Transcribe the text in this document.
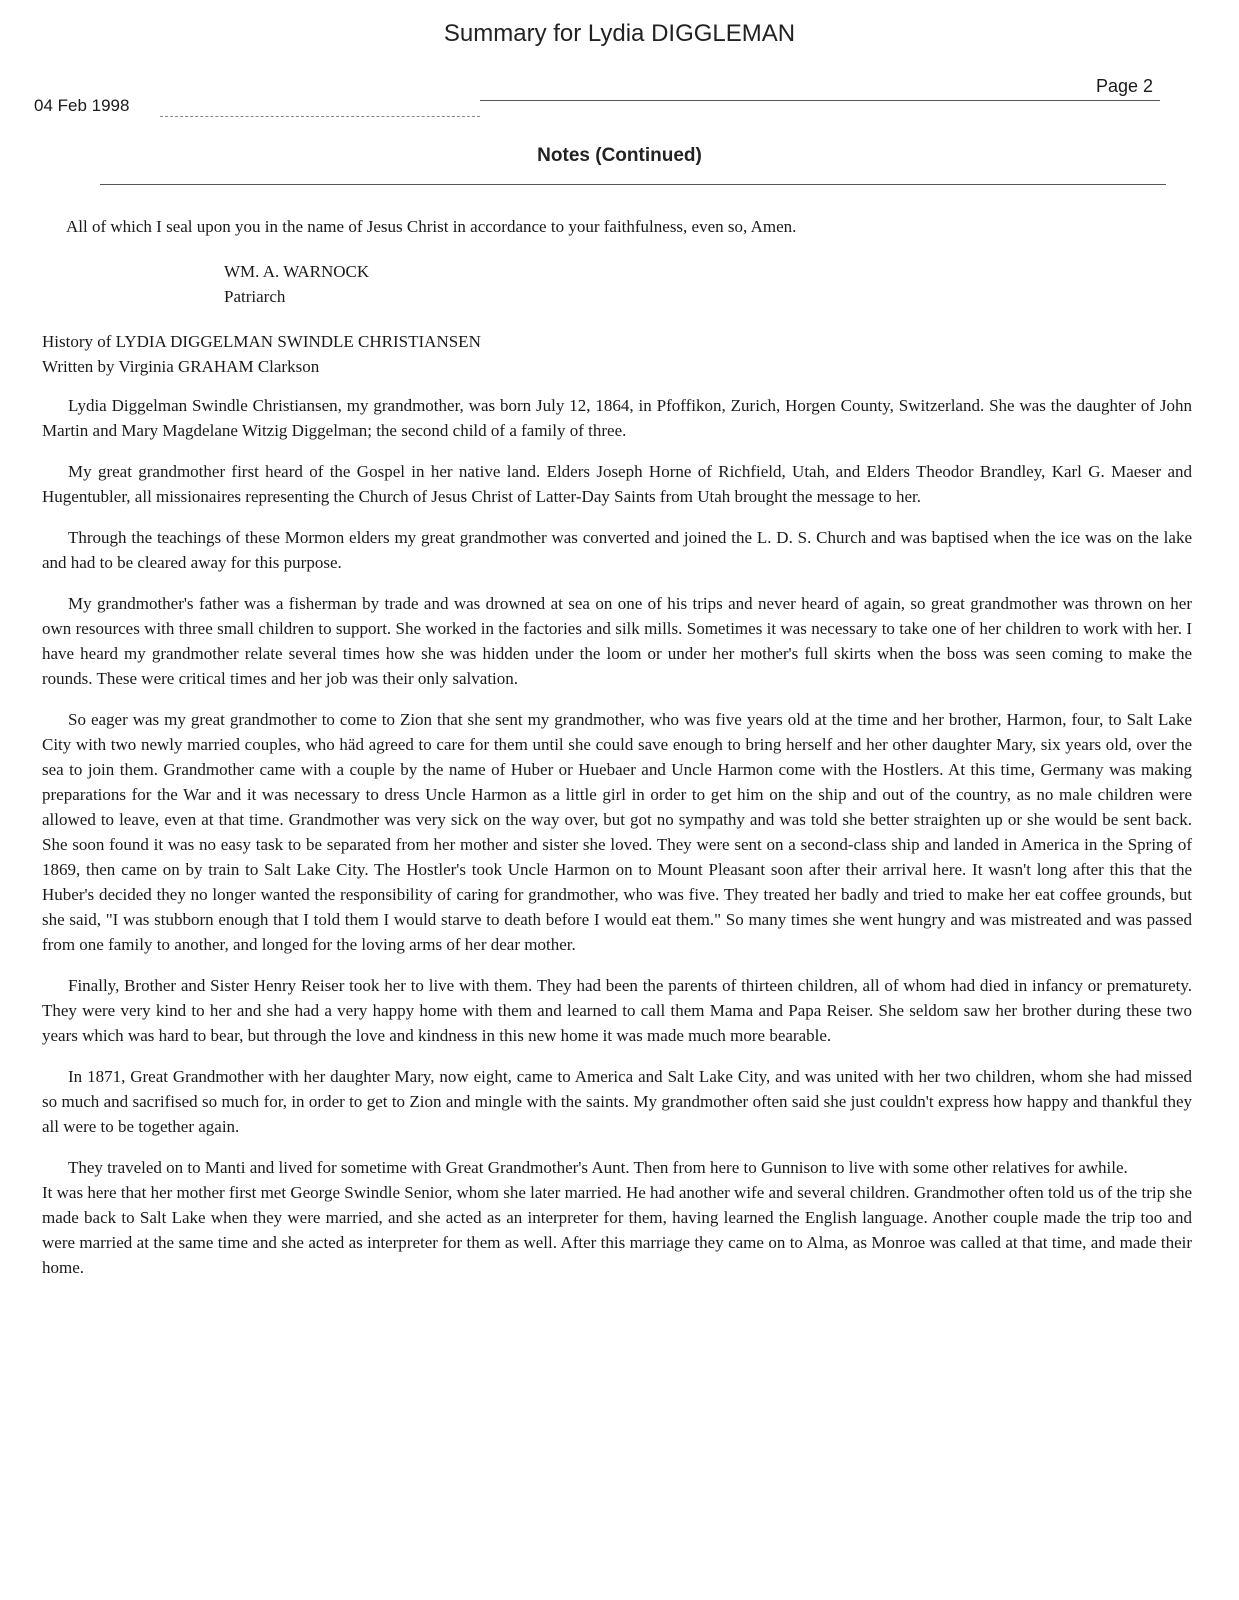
Summary for Lydia DIGGLEMAN
04 Feb 1998
Page 2
Notes (Continued)

All of which I seal upon you in the name of Jesus Christ in accordance to your faithfulness, even so, Amen.

WM. A. WARNOCK

Patriarch

History of LYDIA DIGGELMAN SWINDLE CHRISTIANSEN

Written by Virginia GRAHAM Clarkson

Lydia Diggelman Swindle Christiansen, my grandmother, was born July 12, 1864, in Pfoffikon, Zurich, Horgen County, Switzerland. She was the daughter of John Martin and Mary Magdelane Witzig Diggelman; the second child of a family of three.

My great grandmother first heard of the Gospel in her native land. Elders Joseph Horne of Richfield, Utah, and Elders Theodor Brandley, Karl G. Maeser and Hugentubler, all missionaires representing the Church of Jesus Christ of Latter-Day Saints from Utah brought the message to her.

Through the teachings of these Mormon elders my great grandmother was converted and joined the L. D. S. Church and was baptised when the ice was on the lake and had to be cleared away for this purpose.

My grandmother's father was a fisherman by trade and was drowned at sea on one of his trips and never heard of again, so great grandmother was thrown on her own resources with three small children to support. She worked in the factories and silk mills. Sometimes it was necessary to take one of her children to work with her. I have heard my grandmother relate several times how she was hidden under the loom or under her mother's full skirts when the boss was seen coming to make the rounds. These were critical times and her job was their only salvation.

So eager was my great grandmother to come to Zion that she sent my grandmother, who was five years old at the time and her brother, Harmon, four, to Salt Lake City with two newly married couples, who häd agreed to care for them until she could save enough to bring herself and her other daughter Mary, six years old, over the sea to join them. Grandmother came with a couple by the name of Huber or Huebaer and Uncle Harmon come with the Hostlers. At this time, Germany was making preparations for the War and it was necessary to dress Uncle Harmon as a little girl in order to get him on the ship and out of the country, as no male children were allowed to leave, even at that time. Grandmother was very sick on the way over, but got no sympathy and was told she better straighten up or she would be sent back. She soon found it was no easy task to be separated from her mother and sister she loved. They were sent on a second-class ship and landed in America in the Spring of 1869, then came on by train to Salt Lake City. The Hostler's took Uncle Harmon on to Mount Pleasant soon after their arrival here. It wasn't long after this that the Huber's decided they no longer wanted the responsibility of caring for grandmother, who was five. They treated her badly and tried to make her eat coffee grounds, but she said, "I was stubborn enough that I told them I would starve to death before I would eat them." So many times she went hungry and was mistreated and was passed from one family to another, and longed for the loving arms of her dear mother.

Finally, Brother and Sister Henry Reiser took her to live with them. They had been the parents of thirteen children, all of whom had died in infancy or prematurety. They were very kind to her and she had a very happy home with them and learned to call them Mama and Papa Reiser. She seldom saw her brother during these two years which was hard to bear, but through the love and kindness in this new home it was made much more bearable.

In 1871, Great Grandmother with her daughter Mary, now eight, came to America and Salt Lake City, and was united with her two children, whom she had missed so much and sacrifised so much for, in order to get to Zion and mingle with the saints. My grandmother often said she just couldn't express how happy and thankful they all were to be together again.

They traveled on to Manti and lived for sometime with Great Grandmother's Aunt. Then from here to Gunnison to live with some other relatives for awhile.

It was here that her mother first met George Swindle Senior, whom she later married. He had another wife and several children. Grandmother often told us of the trip she made back to Salt Lake when they were married, and she acted as an interpreter for them, having learned the English language. Another couple made the trip too and were married at the same time and she acted as interpreter for them as well. After this marriage they came on to Alma, as Monroe was called at that time, and made their home.
